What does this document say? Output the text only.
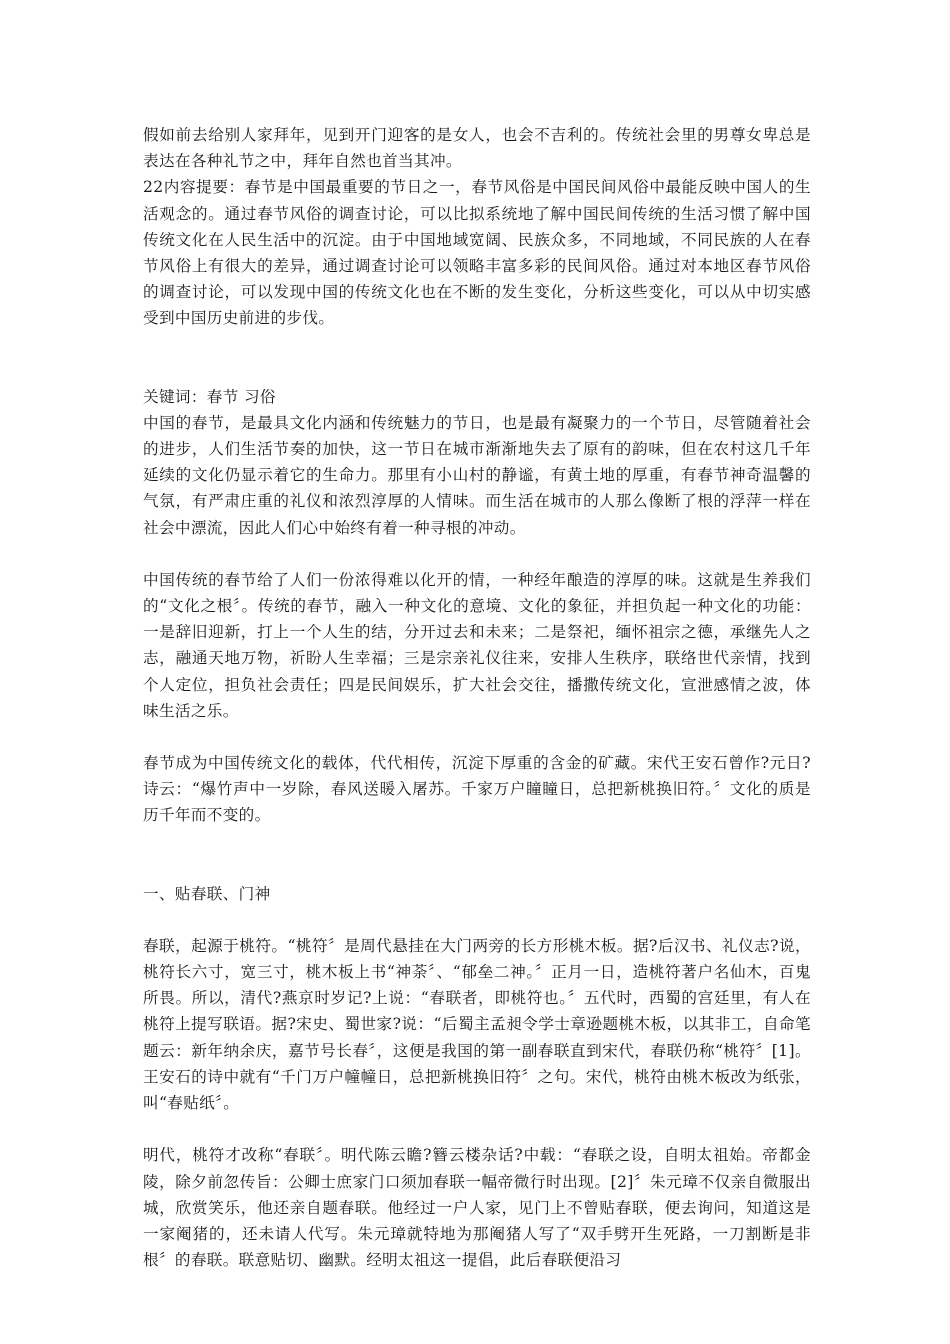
假如前去给别人家拜年，见到开门迎客的是女人，也会不吉利的。传统社会里的男尊女卑总是表达在各种礼节之中，拜年自然也首当其冲。

22内容提要：春节是中国最重要的节日之一，春节风俗是中国民间风俗中最能反映中国人的生活观念的。通过春节风俗的调查讨论，可以比拟系统地了解中国民间传统的生活习惯了解中国传统文化在人民生活中的沉淀。由于中国地域宽阔、民族众多，不同地域，不同民族的人在春节风俗上有很大的差异，通过调查讨论可以领略丰富多彩的民间风俗。通过对本地区春节风俗的调查讨论，可以发现中国的传统文化也在不断的发生变化，分析这些变化，可以从中切实感受到中国历史前进的步伐。

关键词：春节 习俗

中国的春节，是最具文化内涵和传统魅力的节日，也是最有凝聚力的一个节日，尽管随着社会的进步，人们生活节奏的加快，这一节日在城市渐渐地失去了原有的韵味，但在农村这几千年延续的文化仍显示着它的生命力。那里有小山村的静谧，有黄土地的厚重，有春节神奇温馨的气氛，有严肃庄重的礼仪和浓烈淳厚的人情味。而生活在城市的人那么像断了根的浮萍一样在社会中漂流，因此人们心中始终有着一种寻根的冲动。

中国传统的春节给了人们一份浓得难以化开的情，一种经年酿造的淳厚的味。这就是生养我们的“文化之根〞。传统的春节，融入一种文化的意境、文化的象征，并担负起一种文化的功能：一是辞旧迎新，打上一个人生的结，分开过去和未来；二是祭祀，缅怀祖宗之德，承继先人之志，融通天地万物，祈盼人生幸福；三是宗亲礼仪往来，安排人生秩序，联络世代亲情，找到个人定位，担负社会责任；四是民间娱乐，扩大社会交往，播撒传统文化，宣泄感情之波，体味生活之乐。

春节成为中国传统文化的载体，代代相传，沉淀下厚重的含金的矿藏。宋代王安石曾作?元日?诗云：“爆竹声中一岁除，春风送暖入屠苏。千家万户瞳瞳日，总把新桃换旧符。〞文化的质是历千年而不变的。

一、贴春联、门神

春联，起源于桃符。“桃符〞是周代悬挂在大门两旁的长方形桃木板。据?后汉书、礼仪志?说，桃符长六寸，宽三寸，桃木板上书“神荼〞、“郁垒二神。〞正月一日，造桃符著户名仙木，百鬼所畏。所以，清代?燕京时岁记?上说：“春联者，即桃符也。〞五代时，西蜀的宫廷里，有人在桃符上提写联语。据?宋史、蜀世家?说：“后蜀主孟昶令学士章逊题桃木板，以其非工，自命笔题云：新年纳余庆，嘉节号长春〞，这便是我国的第一副春联直到宋代，春联仍称“桃符〞[1]。王安石的诗中就有“千门万户幢幢日，总把新桃换旧符〞之句。宋代，桃符由桃木板改为纸张，叫“春贴纸〞。

明代，桃符才改称“春联〞。明代陈云瞻?簪云楼杂话?中载：“春联之设，自明太祖始。帝都金陵，除夕前忽传旨：公卿士庶家门口须加春联一幅帝微行时出现。[2]〞朱元璋不仅亲自微服出城，欣赏笑乐，他还亲自题春联。他经过一户人家，见门上不曾贴春联，便去询问，知道这是一家阉猪的，还未请人代写。朱元璋就特地为那阉猪人写了“双手劈开生死路，一刀割断是非根〞的春联。联意贴切、幽默。经明太祖这一提倡，此后春联便沿习
